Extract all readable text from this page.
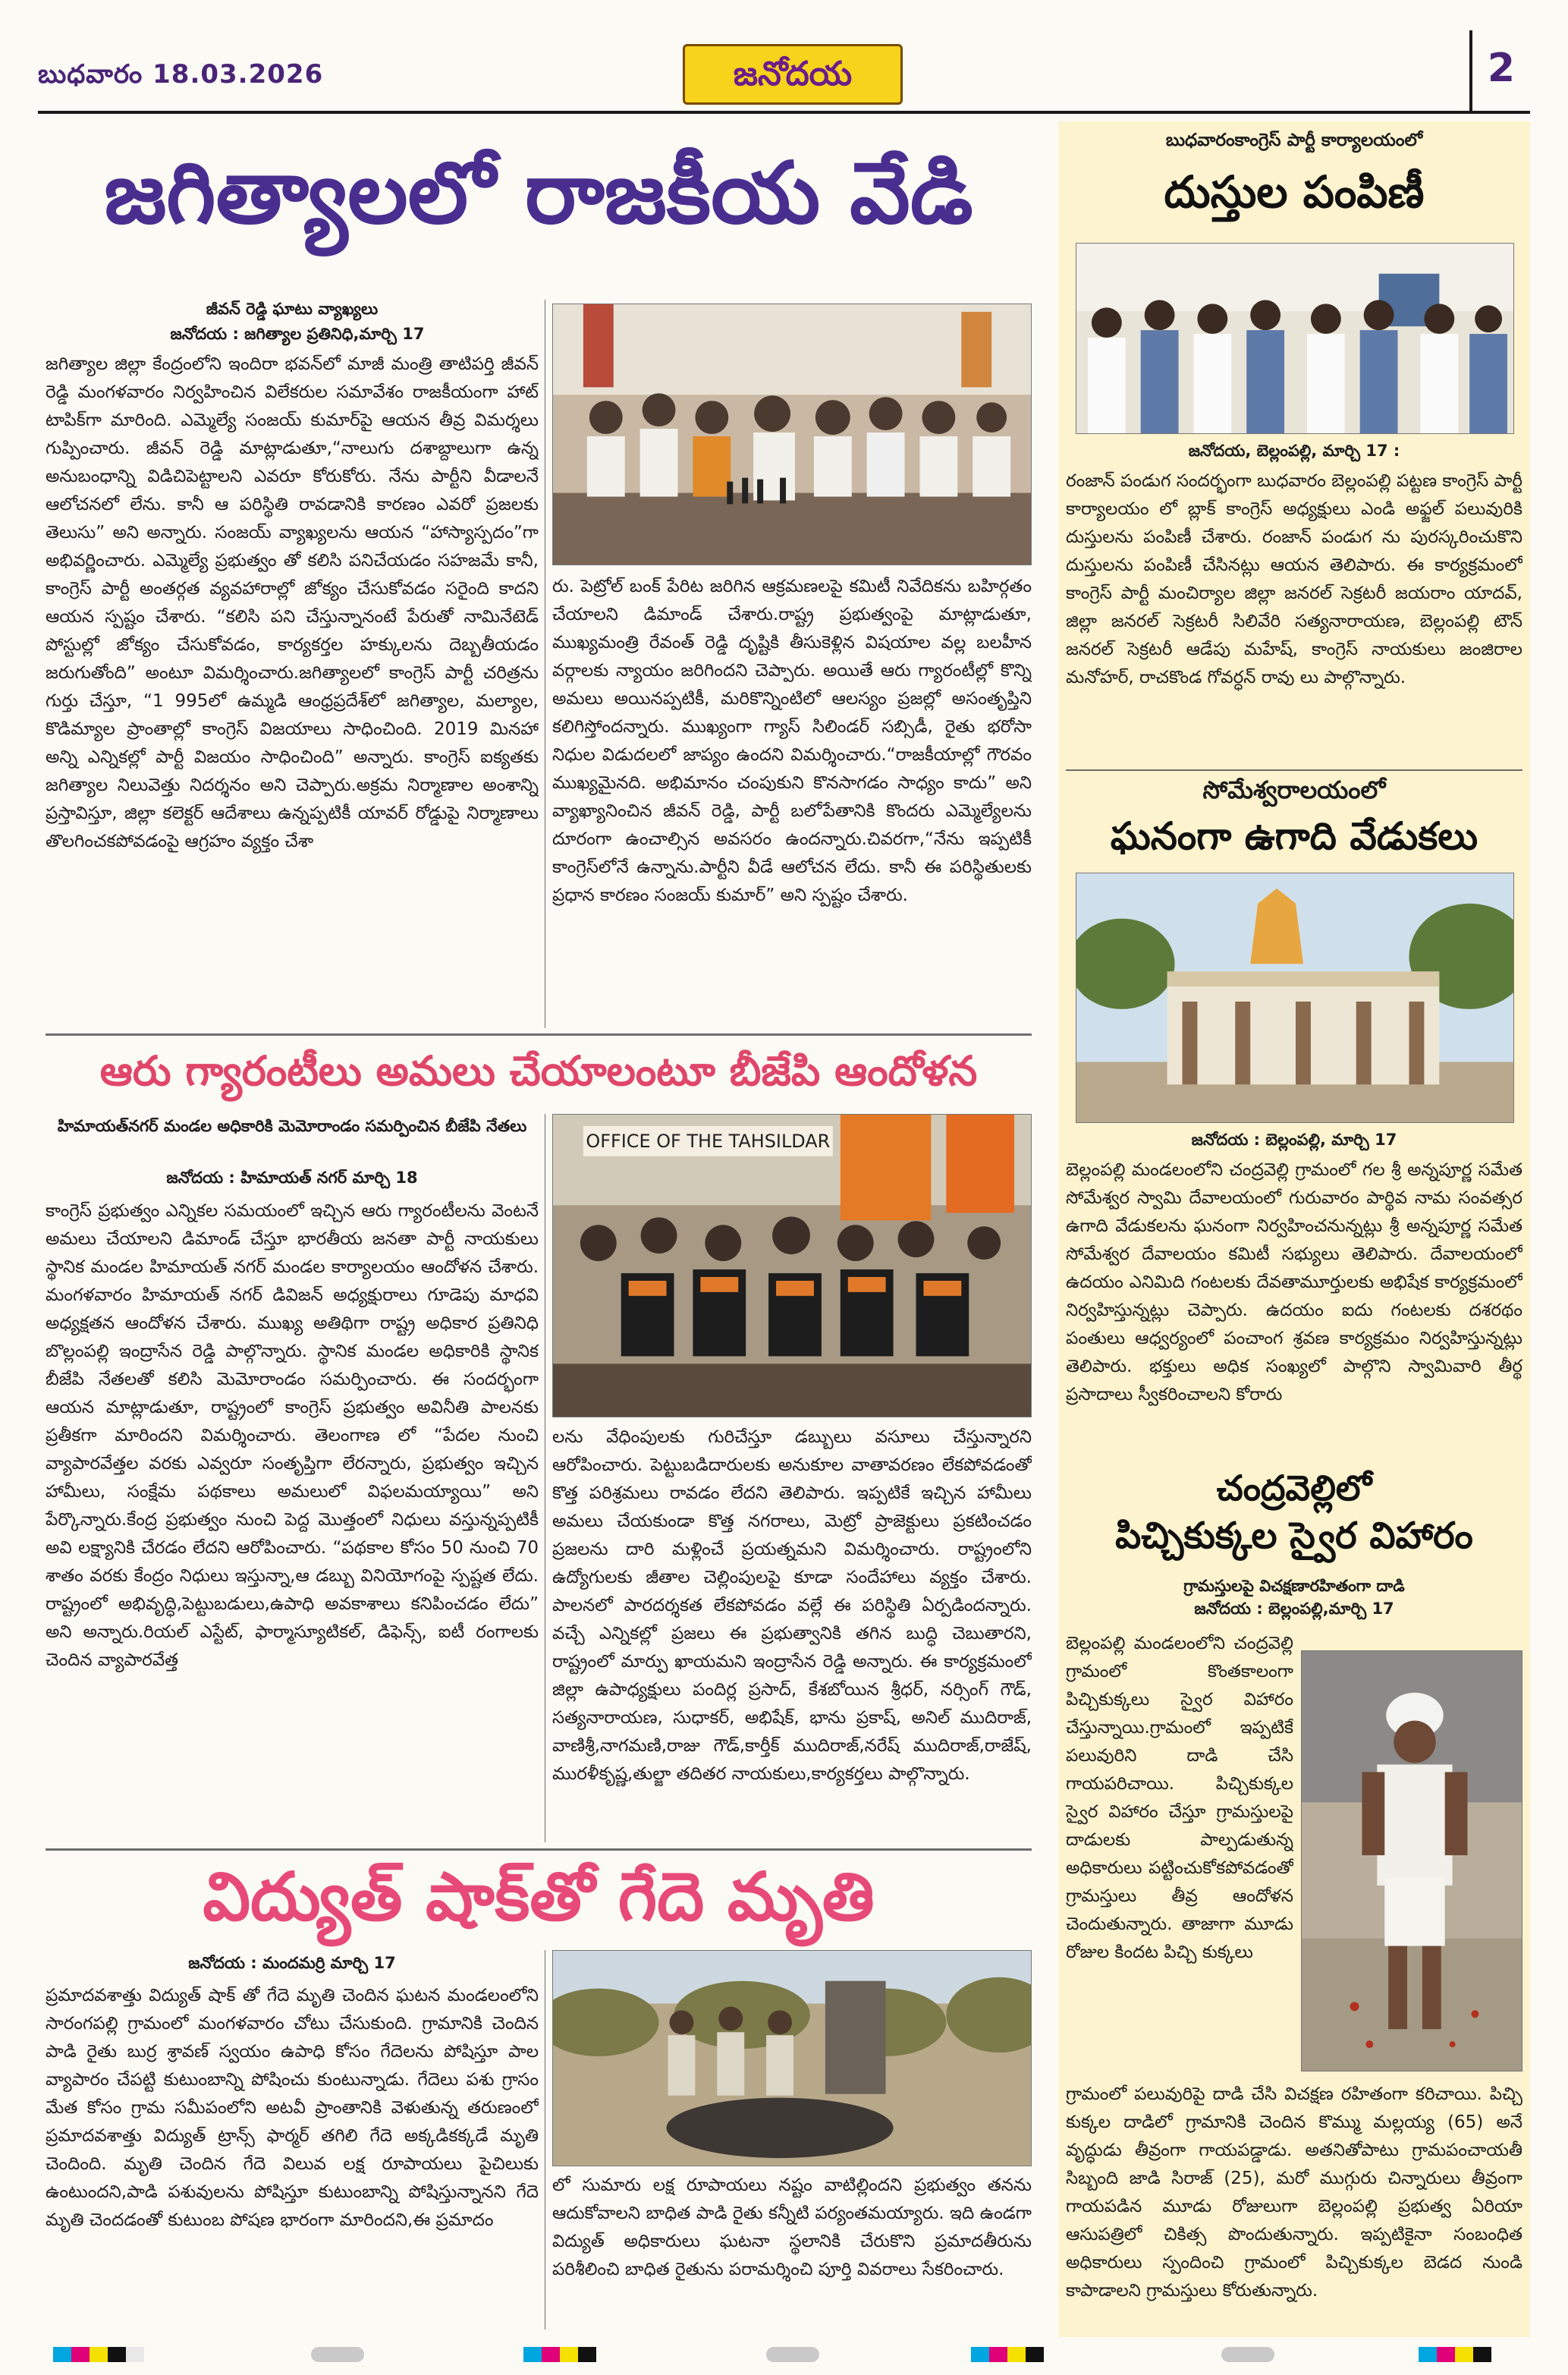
బుధవారం 18.03.2026	జనోదయ	2
జగిత్యాలలో రాజకీయ వేడి
జీవన్ రెడ్డి ఘాటు వ్యాఖ్యలు
జనోదయ : జగిత్యాల ప్రతినిధి,మార్చి 17
జగిత్యాల జిల్లా కేంద్రంలోని ఇందిరా భవన్‌లో మాజీ మంత్రి తాటిపర్తి జీవన్ రెడ్డి మంగళవారం నిర్వహించిన విలేకరుల సమావేశం రాజకీయంగా హాట్ టాపిక్‌గా మారింది. ఎమ్మెల్యే సంజయ్ కుమార్‌పై ఆయన తీవ్ర విమర్శలు గుప్పించారు. జీవన్ రెడ్డి మాట్లాడుతూ,“నాలుగు దశాబ్దాలుగా ఉన్న అనుబంధాన్ని విడిచిపెట్టాలని ఎవరూ కోరుకోరు. నేను పార్టీని వీడాలనే ఆలోచనలో లేను. కానీ ఆ పరిస్థితి రావడానికి కారణం ఎవరో ప్రజలకు తెలుసు” అని అన్నారు. సంజయ్ వ్యాఖ్యలను ఆయన “హాస్యాస్పదం”గా అభివర్ణించారు. ఎమ్మెల్యే ప్రభుత్వం తో కలిసి పనిచేయడం సహజమే కానీ, కాంగ్రెస్ పార్టీ అంతర్గత వ్యవహారాల్లో జోక్యం చేసుకోవడం సరైంది కాదని ఆయన స్పష్టం చేశారు. “కలిసి పని చేస్తున్నానంటే పేరుతో నామినేటెడ్ పోస్టుల్లో జోక్యం చేసుకోవడం, కార్యకర్తల హక్కులను దెబ్బతీయడం జరుగుతోంది” అంటూ విమర్శించారు.జగిత్యాలలో కాంగ్రెస్ పార్టీ చరిత్రను గుర్తు చేస్తూ, “1 995లో ఉమ్మడి ఆంధ్రప్రదేశ్‌లో జగిత్యాల, మల్యాల, కొడిమ్యాల ప్రాంతాల్లో కాంగ్రెస్ విజయాలు సాధించింది. 2019 మినహా అన్ని ఎన్నికల్లో పార్టీ విజయం సాధించింది” అన్నారు. కాంగ్రెస్ ఐక్యతకు జగిత్యాల నిలువెత్తు నిదర్శనం అని చెప్పారు.అక్రమ నిర్మాణాల అంశాన్ని ప్రస్తావిస్తూ, జిల్లా కలెక్టర్ ఆదేశాలు ఉన్నప్పటికీ యావర్ రోడ్డుపై నిర్మాణాలు తొలగించకపోవడంపై ఆగ్రహం వ్యక్తం చేశా
రు. పెట్రోల్ బంక్ పేరిట జరిగిన ఆక్రమణలపై కమిటీ నివేదికను బహిర్గతం చేయాలని డిమాండ్ చేశారు.రాష్ట్ర ప్రభుత్వంపై మాట్లాడుతూ, ముఖ్యమంత్రి రేవంత్ రెడ్డి దృష్టికి తీసుకెళ్లిన విషయాల వల్ల బలహీన వర్గాలకు న్యాయం జరిగిందని చెప్పారు. అయితే ఆరు గ్యారంటీల్లో కొన్ని అమలు అయినప్పటికీ, మరికొన్నింటిలో ఆలస్యం ప్రజల్లో అసంతృప్తిని కలిగిస్తోందన్నారు. ముఖ్యంగా గ్యాస్ సిలిండర్ సబ్సిడీ, రైతు భరోసా నిధుల విడుదలలో జాప్యం ఉందని విమర్శించారు.“రాజకీయాల్లో గౌరవం ముఖ్యమైనది. అభిమానం చంపుకుని కొనసాగడం సాధ్యం కాదు” అని వ్యాఖ్యానించిన జీవన్ రెడ్డి, పార్టీ బలోపేతానికి కొందరు ఎమ్మెల్యేలను దూరంగా ఉంచాల్సిన అవసరం ఉందన్నారు.చివరగా,“నేను ఇప్పటికీ కాంగ్రెస్‌లోనే ఉన్నాను.పార్టీని వీడే ఆలోచన లేదు. కానీ ఈ పరిస్థితులకు ప్రధాన కారణం సంజయ్ కుమార్” అని స్పష్టం చేశారు.
ఆరు గ్యారంటీలు అమలు చేయాలంటూ బీజేపి ఆందోళన
హిమాయత్‌నగర్ మండల అధికారికి మెమోరాండం సమర్పించిన బీజేపి నేతలు
జనోదయ : హిమాయత్ నగర్ మార్చి 18
కాంగ్రెస్ ప్రభుత్వం ఎన్నికల సమయంలో ఇచ్చిన ఆరు గ్యారంటీలను వెంటనే అమలు చేయాలని డిమాండ్ చేస్తూ భారతీయ జనతా పార్టీ నాయకులు స్థానిక మండల హిమాయత్ నగర్ మండల కార్యాలయం ఆందోళన చేశారు. మంగళవారం హిమాయత్ నగర్ డివిజన్ అధ్యక్షురాలు గూడెపు మాధవి అధ్యక్షతన ఆందోళన చేశారు. ముఖ్య అతిథిగా రాష్ట్ర అధికార ప్రతినిధి బొల్లంపల్లి ఇంద్రాసేన రెడ్డి పాల్గొన్నారు. స్థానిక మండల అధికారికి స్థానిక బీజేపి నేతలతో కలిసి మెమోరాండం సమర్పించారు. ఈ సందర్భంగా ఆయన మాట్లాడుతూ, రాష్ట్రంలో కాంగ్రెస్ ప్రభుత్వం అవినీతి పాలనకు ప్రతీకగా మారిందని విమర్శించారు. తెలంగాణ లో “పేదల నుంచి వ్యాపారవేత్తల వరకు ఎవ్వరూ సంతృప్తిగా లేరన్నారు, ప్రభుత్వం ఇచ్చిన హామీలు, సంక్షేమ పథకాలు అమలులో విఫలమయ్యాయి” అని పేర్కొన్నారు.కేంద్ర ప్రభుత్వం నుంచి పెద్ద మొత్తంలో నిధులు వస్తున్నప్పటికీ అవి లక్ష్యానికి చేరడం లేదని ఆరోపించారు. “పథకాల కోసం 50 నుంచి 70 శాతం వరకు కేంద్రం నిధులు ఇస్తున్నా,ఆ డబ్బు వినియోగంపై స్పష్టత లేదు. రాష్ట్రంలో అభివృద్ధి,పెట్టుబడులు,ఉపాధి అవకాశాలు కనిపించడం లేదు” అని అన్నారు.రియల్ ఎస్టేట్, ఫార్మాస్యూటికల్, డిఫెన్స్, ఐటీ రంగాలకు చెందిన వ్యాపారవేత్త
OFFICE OF THE TAHSILDAR
లను వేధింపులకు గురిచేస్తూ డబ్బులు వసూలు చేస్తున్నారని ఆరోపించారు. పెట్టుబడిదారులకు అనుకూల వాతావరణం లేకపోవడంతో కొత్త పరిశ్రమలు రావడం లేదని తెలిపారు. ఇప్పటికే ఇచ్చిన హామీలు అమలు చేయకుండా కొత్త నగరాలు, మెట్రో ప్రాజెక్టులు ప్రకటించడం ప్రజలను దారి మళ్లించే ప్రయత్నమని విమర్శించారు. రాష్ట్రంలోని ఉద్యోగులకు జీతాల చెల్లింపులపై కూడా సందేహాలు వ్యక్తం చేశారు. పాలనలో పారదర్శకత లేకపోవడం వల్లే ఈ పరిస్థితి ఏర్పడిందన్నారు. వచ్చే ఎన్నికల్లో ప్రజలు ఈ ప్రభుత్వానికి తగిన బుద్ధి చెబుతారని, రాష్ట్రంలో మార్పు ఖాయమని ఇంద్రాసేన రెడ్డి అన్నారు. ఈ కార్యక్రమంలో జిల్లా ఉపాధ్యక్షులు పందిర్ల ప్రసాద్, కేశబోయిన శ్రీధర్, నర్సింగ్ గౌడ్, సత్యనారాయణ, సుధాకర్, అభిషేక్, భాను ప్రకాష్, అనిల్ ముదిరాజ్, వాణిశ్రీ,నాగమణి,రాజు గౌడ్,కార్తీక్ ముదిరాజ్,నరేష్ ముదిరాజ్,రాజేష్, మురళీకృష్ణ,తుల్జా తదితర నాయకులు,కార్యకర్తలు పాల్గొన్నారు.
విద్యుత్ షాక్‌తో గేదె మృతి
జనోదయ : మందమర్రి మార్చి 17
ప్రమాదవశాత్తు విద్యుత్ షాక్ తో గేదె మృతి చెందిన ఘటన మండలంలోని సారంగపల్లి గ్రామంలో మంగళవారం చోటు చేసుకుంది. గ్రామానికి చెందిన పాడి రైతు బుర్ర శ్రావణ్ స్వయం ఉపాధి కోసం గేదెలను పోషిస్తూ పాల వ్యాపారం చేపట్టి కుటుంబాన్ని పోషించు కుంటున్నాడు. గేదెలు పశు గ్రాసం మేత కోసం గ్రామ సమీపంలోని అటవీ ప్రాంతానికి వెళుతున్న తరుణంలో ప్రమాదవశాత్తు విద్యుత్ ట్రాన్స్ ఫార్మర్ తగిలి గేదె అక్కడికక్కడే మృతి చెందింది. మృతి చెందిన గేదె విలువ లక్ష రూపాయలు పైచిలుకు ఉంటుందని,పాడి పశువులను పోషిస్తూ కుటుంబాన్ని పోషిస్తున్నానని గేదె మృతి చెందడంతో కుటుంబ పోషణ భారంగా మారిందని,ఈ ప్రమాదం
లో సుమారు లక్ష రూపాయలు నష్టం వాటిల్లిందని ప్రభుత్వం తనను ఆదుకోవాలని బాధిత పాడి రైతు కన్నీటి పర్యంతమయ్యారు. ఇది ఉండగా విద్యుత్ అధికారులు ఘటనా స్థలానికి చేరుకొని ప్రమాదతీరును పరిశీలించి బాధిత రైతును పరామర్శించి పూర్తి వివరాలు సేకరించారు.
బుధవారంకాంగ్రెస్ పార్టీ కార్యాలయంలో
దుస్తుల పంపిణీ
జనోదయ, బెల్లంపల్లి, మార్చి 17 :
రంజాన్ పండుగ సందర్భంగా బుధవారం బెల్లంపల్లి పట్టణ కాంగ్రెస్ పార్టీ కార్యాలయం లో బ్లాక్ కాంగ్రెస్ అధ్యక్షులు ఎండి అఫ్జల్ పలువురికి దుస్తులను పంపిణీ చేశారు. రంజాన్ పండుగ ను పురస్కరించుకొని దుస్తులను పంపిణీ చేసినట్లు ఆయన తెలిపారు. ఈ కార్యక్రమంలో కాంగ్రెస్ పార్టీ మంచిర్యాల జిల్లా జనరల్ సెక్రటరీ జయరాం యాదవ్, జిల్లా జనరల్ సెక్రటరీ సిలివేరి సత్యనారాయణ, బెల్లంపల్లి టౌన్ జనరల్ సెక్రటరీ ఆడేపు మహేష్, కాంగ్రెస్ నాయకులు జంజిరాల మనోహర్, రాచకొండ గోవర్ధన్ రావు లు పాల్గొన్నారు.
సోమేశ్వరాలయంలో
ఘనంగా ఉగాది వేడుకలు
జనోదయ : బెల్లంపల్లి, మార్చి 17
బెల్లంపల్లి మండలంలోని చంద్రవెల్లి గ్రామంలో గల శ్రీ అన్నపూర్ణ సమేత సోమేశ్వర స్వామి దేవాలయంలో గురువారం పార్థివ నామ సంవత్సర ఉగాది వేడుకలను ఘనంగా నిర్వహించనున్నట్లు శ్రీ అన్నపూర్ణ సమేత సోమేశ్వర దేవాలయం కమిటీ సభ్యులు తెలిపారు. దేవాలయంలో ఉదయం ఎనిమిది గంటలకు దేవతామూర్తులకు అభిషేక కార్యక్రమంలో నిర్వహిస్తున్నట్లు చెప్పారు. ఉదయం ఐదు గంటలకు దశరథం పంతులు ఆధ్వర్యంలో పంచాంగ శ్రవణ కార్యక్రమం నిర్వహిస్తున్నట్లు తెలిపారు. భక్తులు అధిక సంఖ్యలో పాల్గొని స్వామివారి తీర్థ ప్రసాదాలు స్వీకరించాలని కోరారు
చంద్రవెల్లిలో
పిచ్చికుక్కల స్వైర విహారం
గ్రామస్తులపై విచక్షణారహితంగా దాడి
జనోదయ : బెల్లంపల్లి,మార్చి 17
బెల్లంపల్లి మండలంలోని చంద్రవెల్లి గ్రామంలో కొంతకాలంగా పిచ్చికుక్కలు స్వైర విహారం చేస్తున్నాయి.గ్రామంలో ఇప్పటికే పలువురిని దాడి చేసి గాయపరిచాయి. పిచ్చికుక్కల స్వైర విహారం చేస్తూ గ్రామస్తులపై దాడులకు పాల్పడుతున్న అధికారులు పట్టించుకోకపోవడంతో గ్రామస్తులు తీవ్ర ఆందోళన చెందుతున్నారు. తాజాగా మూడు రోజుల కిందట పిచ్చి కుక్కలు
గ్రామంలో పలువురిపై దాడి చేసి విచక్షణ రహితంగా కరిచాయి. పిచ్చి కుక్కల దాడిలో గ్రామానికి చెందిన కొమ్ము మల్లయ్య (65) అనే వృద్ధుడు తీవ్రంగా గాయపడ్డాడు. అతనితోపాటు గ్రామపంచాయతీ సిబ్బంది జాడి సిరాజ్ (25), మరో ముగ్గురు చిన్నారులు తీవ్రంగా గాయపడిన మూడు రోజులుగా బెల్లంపల్లి ప్రభుత్వ ఏరియా ఆసుపత్రిలో చికిత్స పొందుతున్నారు. ఇప్పటికైనా సంబంధిత అధికారులు స్పందించి గ్రామంలో పిచ్చికుక్కల బెడద నుండి కాపాడాలని గ్రామస్తులు కోరుతున్నారు.
